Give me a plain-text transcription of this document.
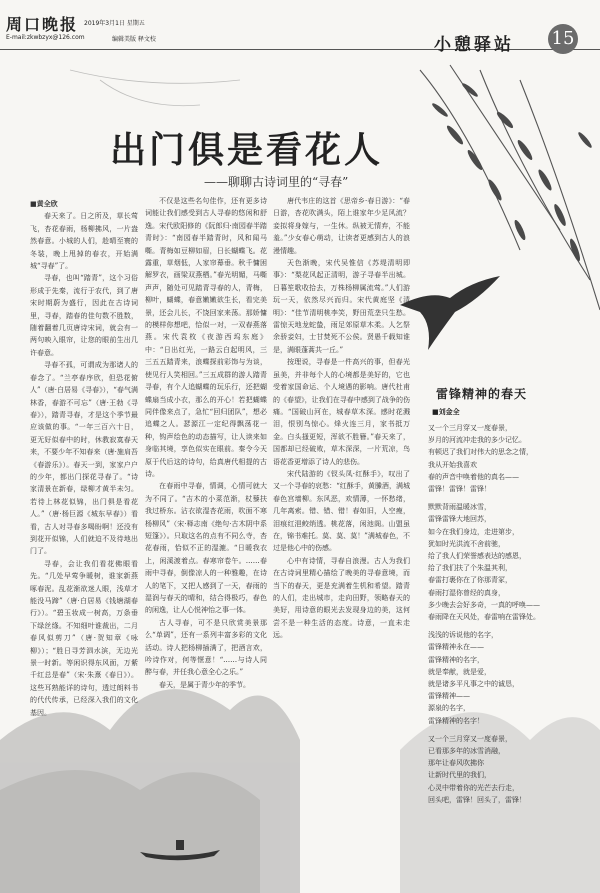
周口晚报 2019年3月1日 星期五
E-mail:zkwbzyx@126.com	编辑美版 释文校	小憩驿站 15
出门俱是看花人
——聊聊古诗词里的“寻春”
■黄全欣

春天来了。日之所及，草长莺飞，杏花春雨，杨柳拂风，一片盎然春意。小城的人们，趁晴至寰的冬装，晚上甩掉的春衣，开始满城“寻春”了。

寻春，也叫“踏青”，这个习俗形成于先秦，流行于农代，到了唐宋时期蔚为盛行，因此在古诗词里，寻春，踏春的佳句数不胜数，随着翻着几页唐诗宋词，就会有一两句映入眼帘，让您的眼前生出几许春意。

寻春不孤，可谓成为那诸人的春念了。“兰亭春序欣，但恐花俯人”（唐·白居易《寻春》），“春气满林香，春游不可忘”（唐·王勃《寻春》），踏青寻春，才是这个季节最应该做的事。“一年三百六十日，更无好似春中的时，休教寂寞春天来，不要少年不知春来（唐·施肩吾《春游乐》）。春天一到，家家户户的少年，都出门探花寻春了。“诗家清景在新春，绿柳才黄半未匀。若待上林花似锦，出门俱是看花人。”（唐·杨巨源《城东早春》）看看，古人对寻春多喝盼啊！还没有到花开似锦，人们就迫不及待地出门了。

寻春，会让我们看花佛眼看先。“几处早莺争暖树，谁家新燕啄春泥。乱花渐欲迷人眼，浅草才能没马蹄”（唐·白居易《钱塘湖春行》）。“碧玉妆成一树高，万条垂下绿丝绦。不知细叶谁裁出，二月春风似剪刀”（唐·贺知章《咏柳》）；“胜日寻芳泗水滨，无边光景一时新。等闲识得东风面，万紫千红总是春”（宋·朱熹《春日》）。这些耳熟能详的诗句，透过朗料书的代代传承，已经深入我们的文化基因。

不仅是这些名句佳作，还有更多诗词能让我们感受到古人寻春的悠闲和舒逸。宋代欧阳修的《阮郎归·南园春半踏青时》：“南园春半踏青时，风和闻马嘶。青梅如豆柳如眉，日长蝴蝶飞。花露重，草烟低，人家帘幕垂。秋千慵困解罗衣，画梁双燕栖。”春光明媚，马嘶声声，随处可见踏青寻春的人，青梅，柳叶，蝴蝶，春意嫩嫩欲生长，看完美景，还会儿长，不饶回家来荡。那娇慵的模样你想吧，恰似一对，一双春燕落燕。宋代袁枚《夜游西坞东庭》中：“日出红光，一路云白起明风，三三五五踏青来，浪蝶探前彩饰与为谈，使见行人笑相回。”三五成群的游人踏青寻春，有个人追蝴蝶的玩乐行，还把蝴蝶扇当成小衣，那么的开心！若把蝴蝶同伴像来点了，急忙“回归团队”，想必追蝶之人。瑟源江一定纪得飘荡花一种，钩声绘色的动态描写，让人读来如身临其境，享色似实在眼前。秦令今天原于代后这的诗句，给真唐代相提的古诗。

在春雨中寻春，情调，心情可就大为不同了。“吉木的小菜范渐，杖藜扶我过桥东。沾衣欲湿杏花雨，吹面不寒杨柳风”（宋·释志南《绝句·古木阴中系短篷》）。只取这名的点有不同么寺，杏花春雨，恰似不正的湿漉。“日暖我衣上，闲溪渡着点。春寒帘卷午。……春雨中寻春，倒像凉人的一种雅趣，在诗人的笔下，又把人感到了一天，春雨的湿润与春天的晴和，结合得极巧，春色的闲逸，让人心悦神怡之事一体。

古人寻春，可不是只欣赏美景那么“单调”，还有一系列丰富多彩的文化活动。诗人把杨柳插满了，把酒言欢，吟诗作对，何等惬意！“……与诗人同醉与春，并任我心意全心之乐。”

春天，是属于青少年的季节。

唐代韦庄的这首《思帝乡·春日游》：“春日游，杏花吹满头，陌上谁家年少足风流？妾拟将身嫁与，一生休。纵被无情弃，不能羞。”少女春心萌动，让读者更感到古人的浪漫情趣。

天色渐晚，宋代吴惟信《苏堤清明即事》：“梨花风起正清明，游子寻春半出城。日暮笙歌收拾去，万株杨柳属流莺。”人们游玩一天，依然尽兴而归。宋代黄庭坚《清明》：“佳节清明桃李笑，野田荒垄只生愁。雷惊天地龙蛇蛰，雨足郊原草木柔。人乞祭余骄妾妇，士甘焚死不公侯。贤愚千载知谁是，满眼蓬蒿共一丘。”

按理说，寻春是一件高兴的事，但春光虽美，并非每个人的心境都是美好的，它也受着家国命运、个人境遇的影响。唐代杜甫的《春望》，让我们在寻春中感到了战争的伤痛。“国破山河在，城春草木深。感时花溅泪，恨别鸟惊心。烽火连三月，家书抵万金。白头搔更短，浑欲不胜簪。”春天来了，国都却已经破败，草木深深，一片荒凉，鸟语花香更增添了诗人的悲伤。

宋代陆游的《钗头凤·红酥手》，叹出了又一个寻春的哀愁：“红酥手，黄縢酒，满城春色宫墙柳。东风恶，欢情薄，一怀愁绪，几年离索。错、错、错！春如旧，人空瘦，泪痕红浥鲛绡透。桃花落，闲池阁。山盟虽在，锦书难托。莫、莫、莫！”满城春色，不过是他心中的伤感。

心中有诗情，寻春自浪漫。古人为我们在古诗词里精心描绘了晚美的寻春意境，而当下的春天，更是充满着生机和希望。踏青的人们，走出城市，走向田野，领略春天的美好，用诗意的眼光去发现身边的美，这何尝不是一种生活的态度。诗意，一直未走远。

雷锋精神的春天
■刘金全
又一个三月穿又一度春景，
岁月的河流冲走我的多少记忆。
有顿迟了我们对伟大的思念之情，
我从开始我喜欢
春的声音中唤着他的真名——
雷锋！雷锋！雷锋！
默默背雨温暖冰雪，
雷锋雷锋大地回苏，
如今在我们身边，走进第步，
犹如时光洪流不舍前驰，
给了我人们荣誉感表达的感恩，
给了我们扶了个朱温其利，
春雷打裹你在了你那青冢，
春雨打湿你曾经的真身，
多少晚去会好多奇，一真的呼唤——
春雨降在天风处，春雷响在雷锋处。
浅浅的诉说他的名字，
雷锋精神永在——
雷锋精神的名字，
就是奉献，就是爱，
就是诸多平凡事之中的诚恳，
雷锋精神——
源泉的名字，
雷锋精神的名字！
又一个三月穿又一度春景，
已看那多年的冰雪消融，
那年让春风吹拂你
让新时代里的我们，
心灵中带着你的光芒去行走，
回头吧，雷锋！回头了，雷锋！
